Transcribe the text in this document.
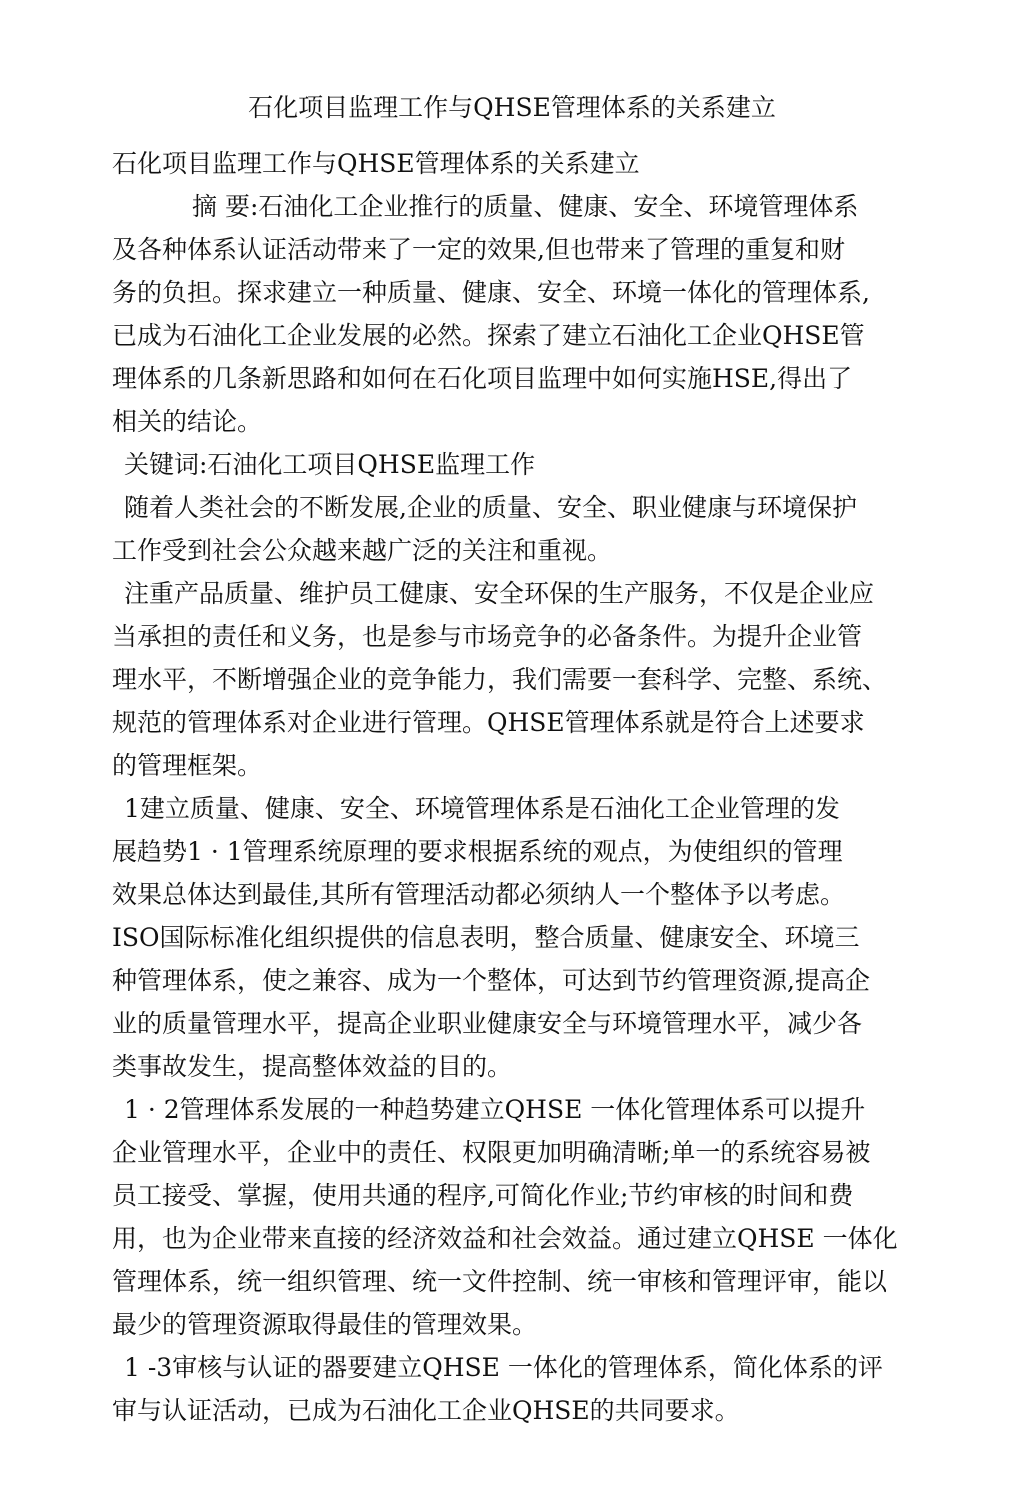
石化项目监理工作与QHSE管理体系的关系建立
石化项目监理工作与QHSE管理体系的关系建立
摘 要:石油化工企业推行的质量、健康、安全、环境管理体系
及各种体系认证活动带来了一定的效果,但也带来了管理的重复和财
务的负担。探求建立一种质量、健康、安全、环境一体化的管理体系,
已成为石油化工企业发展的必然。探索了建立石油化工企业QHSE管
理体系的几条新思路和如何在石化项目监理中如何实施HSE,得出了
相关的结论。
关键词:石油化工项目QHSE监理工作
随着人类社会的不断发展,企业的质量、安全、职业健康与环境保护
工作受到社会公众越来越广泛的关注和重视。
注重产品质量、维护员工健康、安全环保的生产服务，不仅是企业应
当承担的责任和义务，也是参与市场竞争的必备条件。为提升企业管
理水平，不断增强企业的竞争能力，我们需要一套科学、完整、系统、
规范的管理体系对企业进行管理。QHSE管理体系就是符合上述要求
的管理框架。
1建立质量、健康、安全、环境管理体系是石油化工企业管理的发
展趋势1 · 1管理系统原理的要求根据系统的观点，为使组织的管理
效果总体达到最佳,其所有管理活动都必须纳人一个整体予以考虑。
ISO国际标准化组织提供的信息表明，整合质量、健康安全、环境三
种管理体系，使之兼容、成为一个整体，可达到节约管理资源,提高企
业的质量管理水平，提高企业职业健康安全与环境管理水平，减少各
类事故发生，提高整体效益的目的。
1 · 2管理体系发展的一种趋势建立QHSE 一体化管理体系可以提升
企业管理水平，企业中的责任、权限更加明确清晰;单一的系统容易被
员工接受、掌握，使用共通的程序,可简化作业;节约审核的时间和费
用，也为企业带来直接的经济效益和社会效益。通过建立QHSE 一体化
管理体系，统一组织管理、统一文件控制、统一审核和管理评审，能以
最少的管理资源取得最佳的管理效果。
1 -3审核与认证的器要建立QHSE 一体化的管理体系，简化体系的评
审与认证活动，已成为石油化工企业QHSE的共同要求。
